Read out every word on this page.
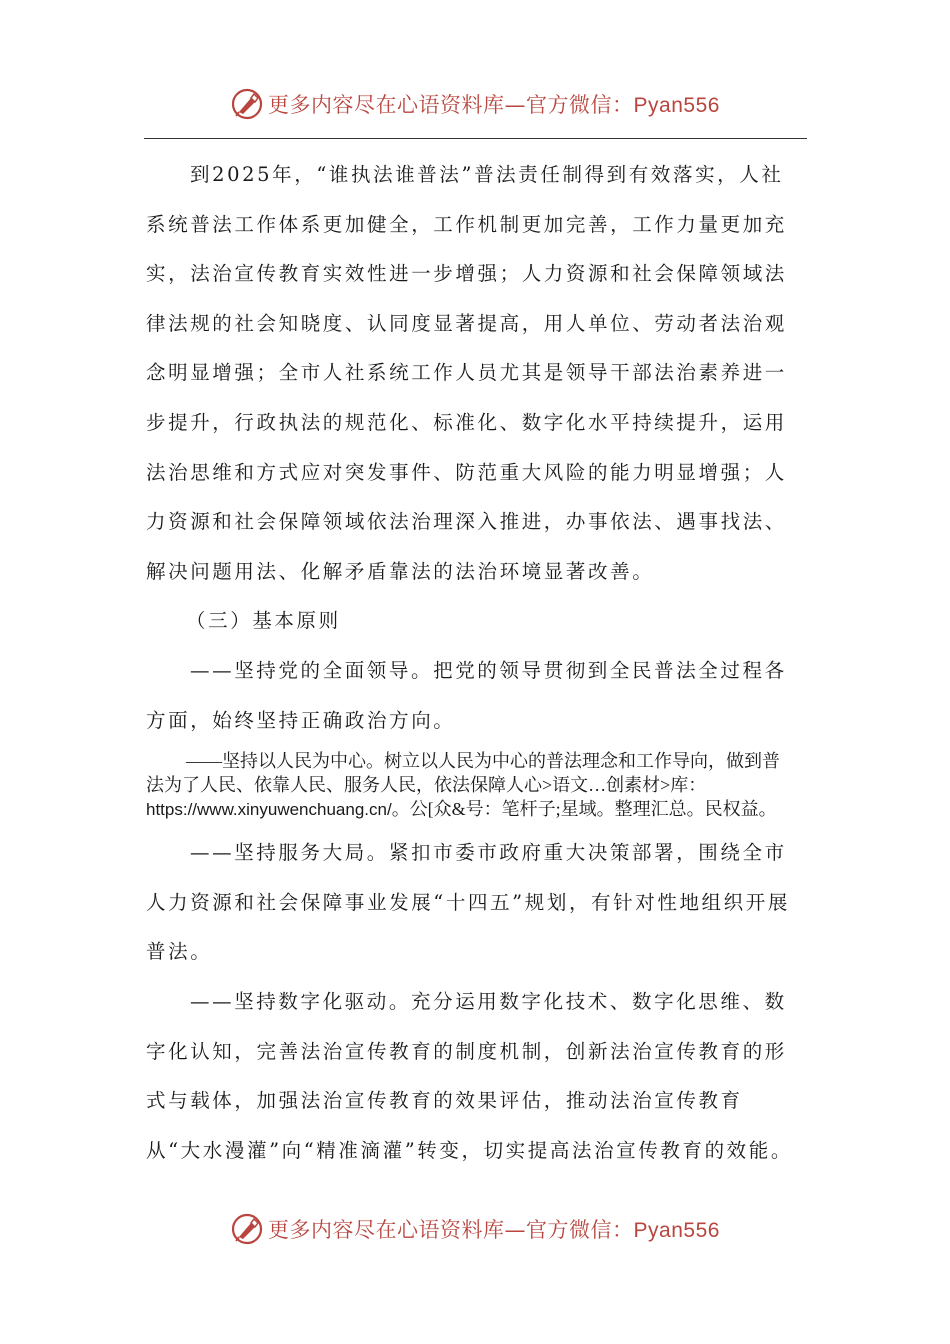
更多内容尽在心语资料库—官方微信：Pyan556

到2025年，“谁执法谁普法”普法责任制得到有效落实，人社系统普法工作体系更加健全，工作机制更加完善，工作力量更加充实，法治宣传教育实效性进一步增强；人力资源和社会保障领域法律法规的社会知晓度、认同度显著提高，用人单位、劳动者法治观念明显增强；全市人社系统工作人员尤其是领导干部法治素养进一步提升，行政执法的规范化、标准化、数字化水平持续提升，运用法治思维和方式应对突发事件、防范重大风险的能力明显增强；人力资源和社会保障领域依法治理深入推进，办事依法、遇事找法、解决问题用法、化解矛盾靠法的法治环境显著改善。

（三）基本原则

——坚持党的全面领导。把党的领导贯彻到全民普法全过程各方面，始终坚持正确政治方向。

——坚持以人民为中心。树立以人民为中心的普法理念和工作导向，做到普法为了人民、依靠人民、服务人民，依法保障人心>语文…创素材>库：https://www.xinyuwenchuang.cn/。公[众&号：笔杆子;星域。整理汇总。民权益。

——坚持服务大局。紧扣市委市政府重大决策部署，围绕全市人力资源和社会保障事业发展“十四五”规划，有针对性地组织开展普法。

——坚持数字化驱动。充分运用数字化技术、数字化思维、数字化认知，完善法治宣传教育的制度机制，创新法治宣传教育的形式与载体，加强法治宣传教育的效果评估，推动法治宣传教育从“大水漫灌”向“精准滴灌”转变，切实提高法治宣传教育的效能。

更多内容尽在心语资料库—官方微信：Pyan556
